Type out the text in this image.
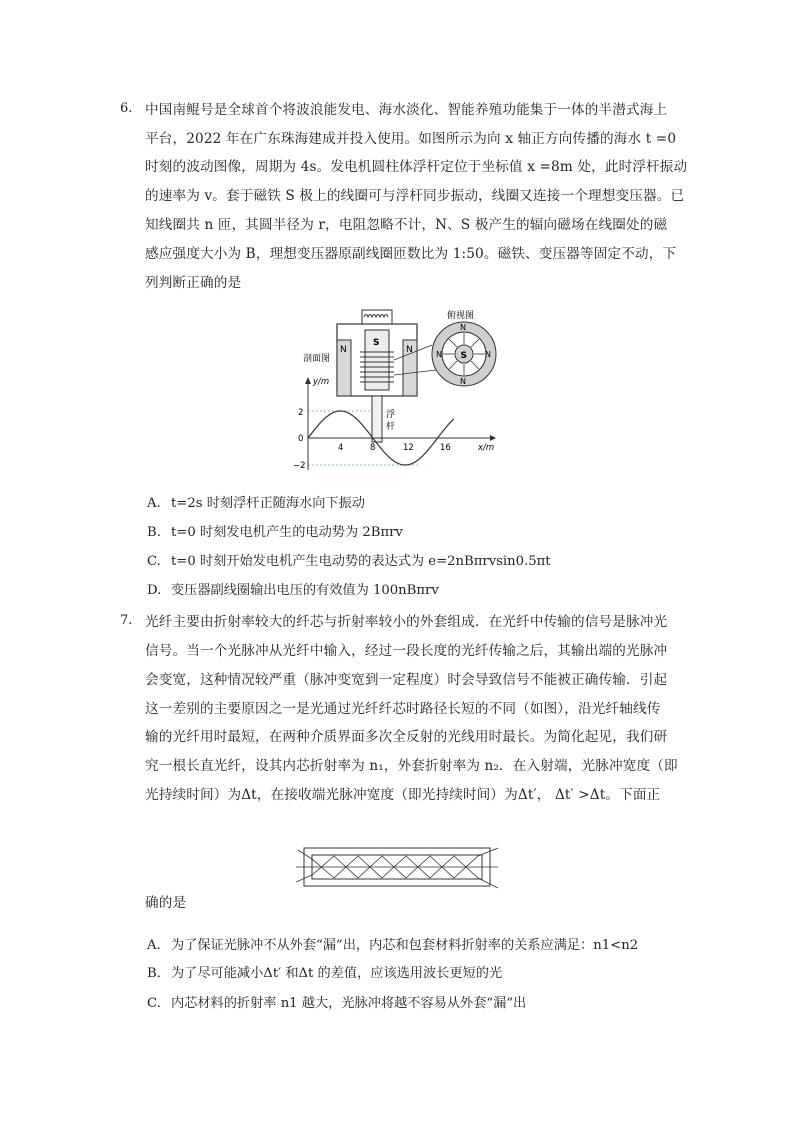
6. 中国南鲲号是全球首个将波浪能发电、海水淡化、智能养殖功能集于一体的半潜式海上
平台，2022 年在广东珠海建成并投入使用。如图所示为向 x 轴正方向传播的海水 t =0
时刻的波动图像，周期为 4s。发电机圆柱体浮杆定位于坐标值 x =8m 处，此时浮杆振动
的速率为 v。套于磁铁 S 极上的线圈可与浮杆同步振动，线圈又连接一个理想变压器。已
知线圈共 n 匝，其圆半径为 r，电阻忽略不计，N、S 极产生的辐向磁场在线圈处的磁
感应强度大小为 B，理想变压器原副线圈匝数比为 1:50。磁铁、变压器等固定不动，下
列判断正确的是
N	N
S
浮
杆
剖面图
俯视图
S
N
N
N	N
y/m
x/m
2
0
−2
4	8	12	16
A. t=2s 时刻浮杆正随海水向下振动
B. t=0 时刻发电机产生的电动势为 2Bπrv
C. t=0 时刻开始发电机产生电动势的表达式为 e=2nBπrvsin0.5πt
D. 变压器副线圈输出电压的有效值为 100nBπrv
7. 光纤主要由折射率较大的纤芯与折射率较小的外套组成．在光纤中传输的信号是脉冲光
信号。当一个光脉冲从光纤中输入，经过一段长度的光纤传输之后，其输出端的光脉冲
会变宽，这种情况较严重（脉冲变宽到一定程度）时会导致信号不能被正确传输．引起
这一差别的主要原因之一是光通过光纤纤芯时路径长短的不同（如图），沿光纤轴线传
输的光纤用时最短，在两种介质界面多次全反射的光线用时最长。为简化起见，我们研
究一根长直光纤，设其内芯折射率为 n₁，外套折射率为 n₂．在入射端，光脉冲宽度（即
光持续时间）为Δt，在接收端光脉冲宽度（即光持续时间）为Δt′， Δt′ >Δt。下面正
确的是
A. 为了保证光脉冲不从外套“漏”出，内芯和包套材料折射率的关系应满足：n1<n2
B．为了尽可能减小Δt′ 和Δt 的差值，应该选用波长更短的光
C. 内芯材料的折射率 n1 越大，光脉冲将越不容易从外套“漏”出
